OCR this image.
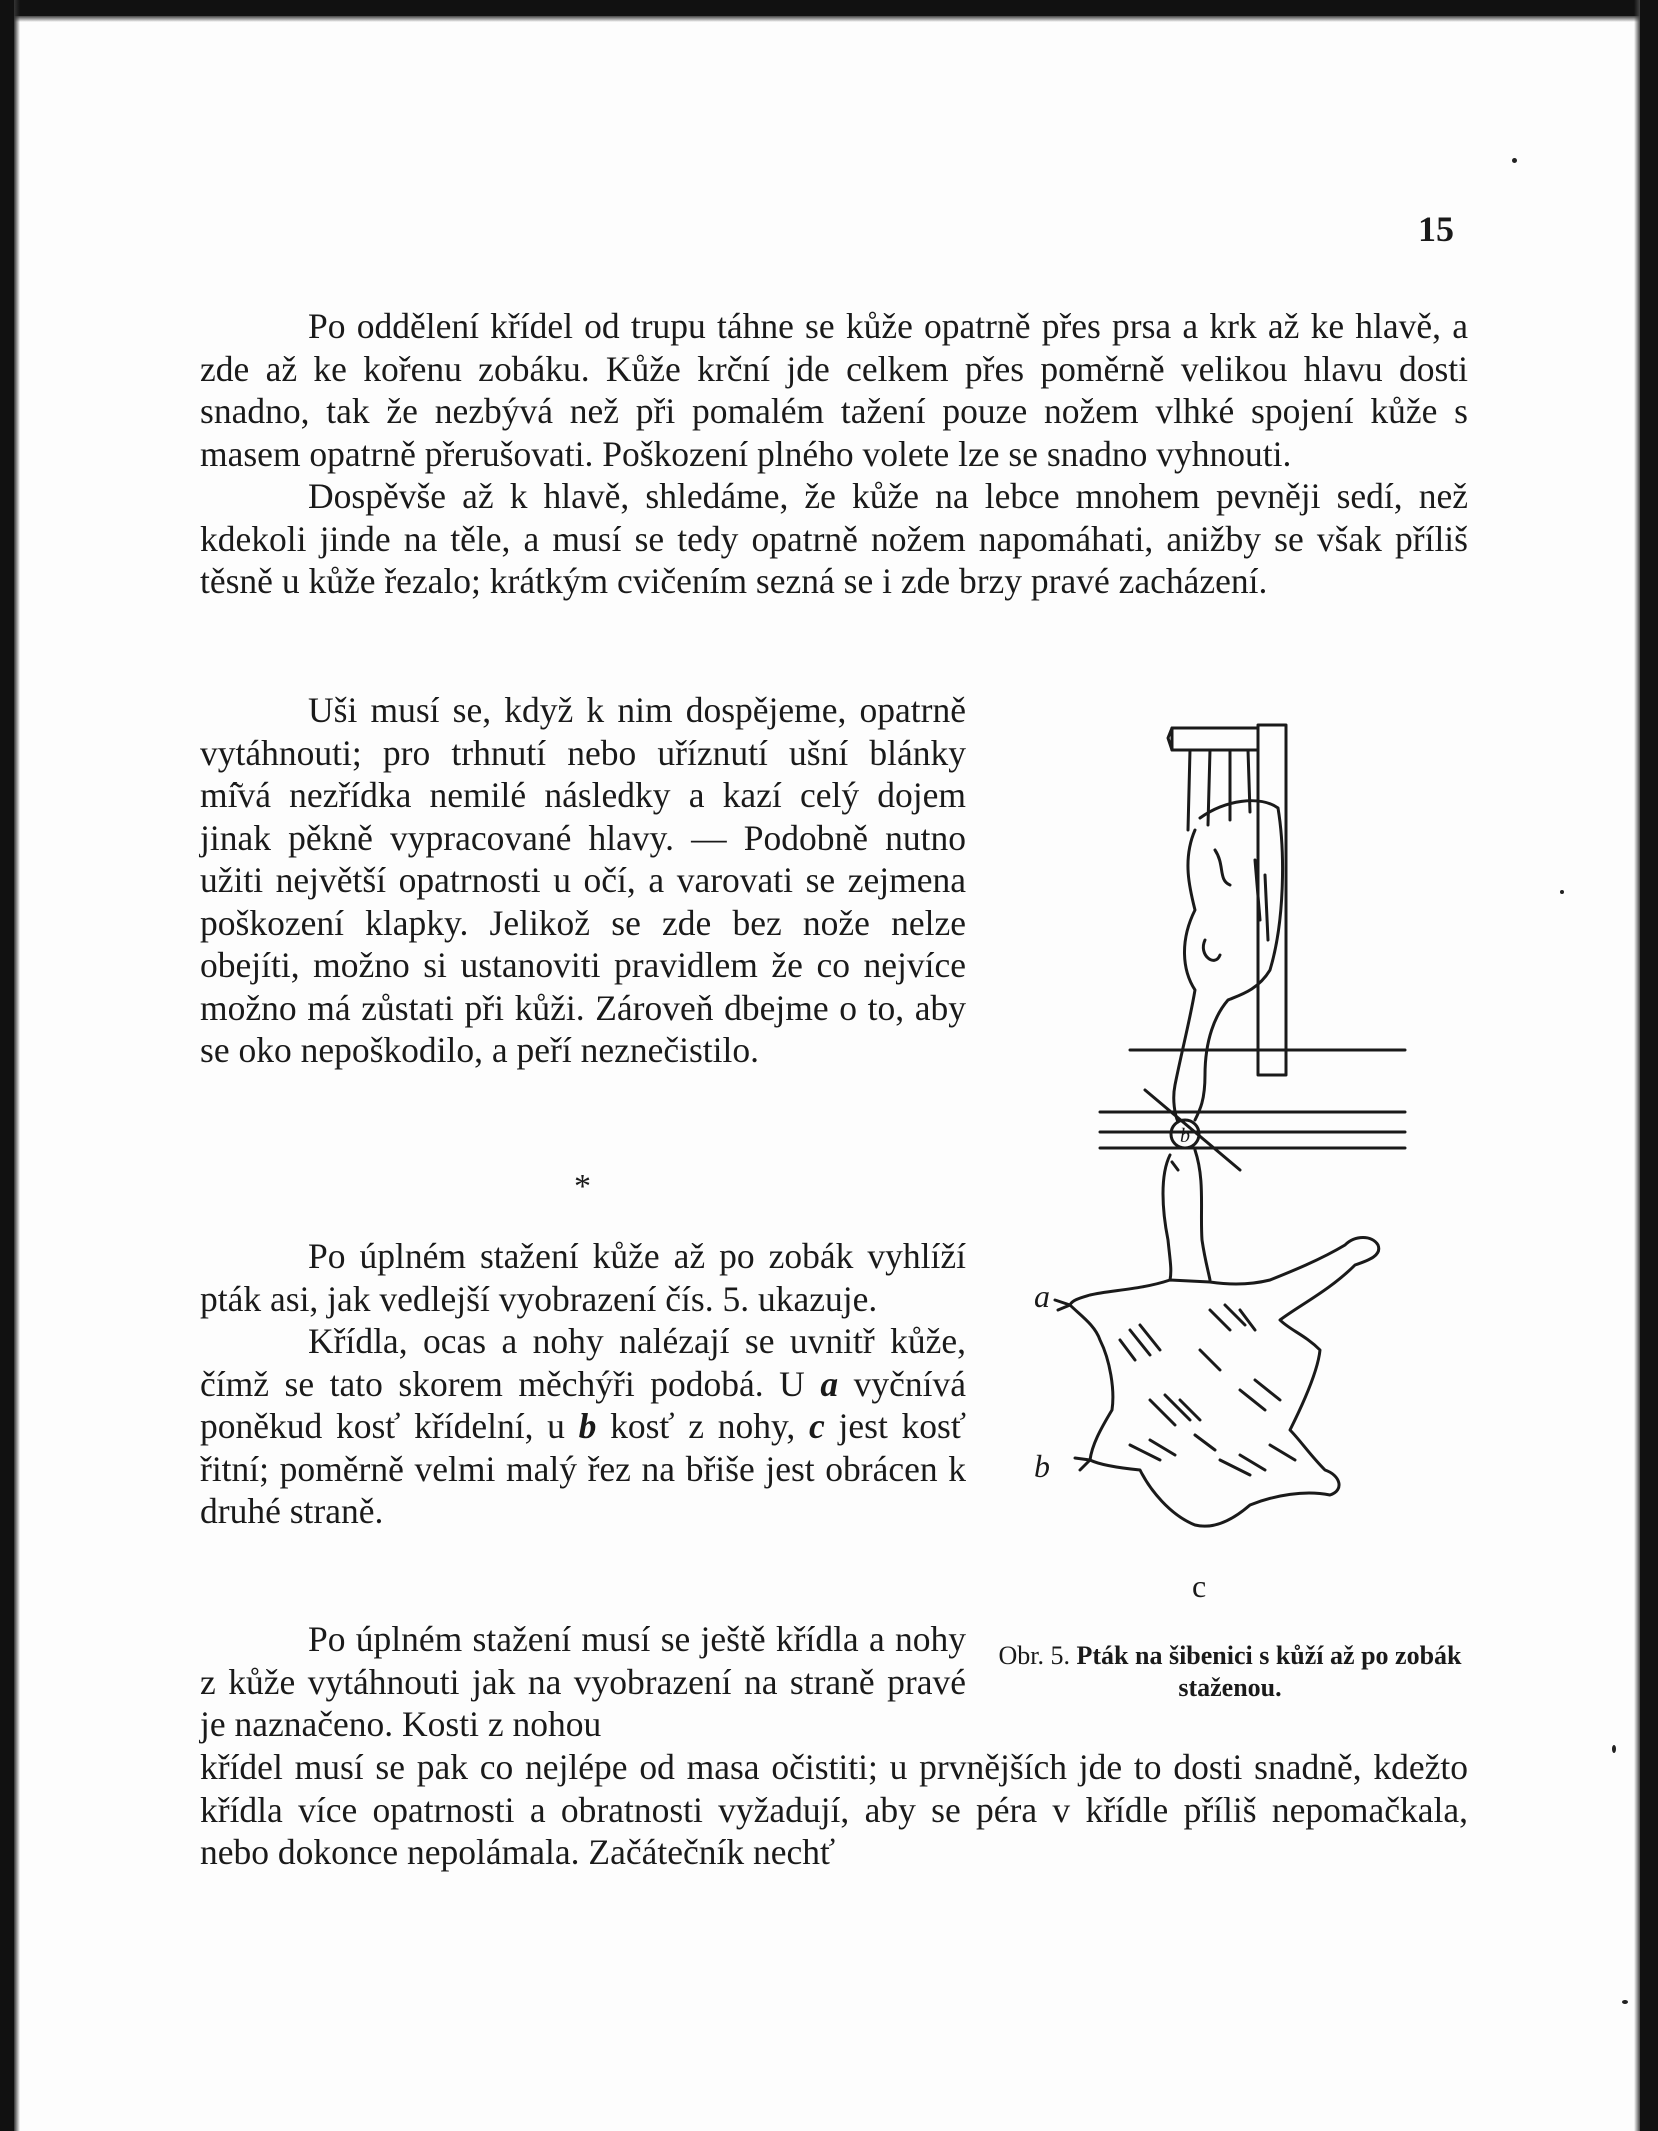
15

Po oddělení křídel od trupu táhne se kůže opatrně přes prsa a krk až ke hlavě, a zde až ke kořenu zobáku. Kůže krční jde celkem přes poměrně velikou hlavu dosti snadno, tak že nezbývá než při pomalém tažení pouze nožem vlhké spojení kůže s masem opatrně přerušovati. Poškození plného volete lze se snadno vyhnouti.

Dospěvše až k hlavě, shledáme, že kůže na lebce mnohem pevněji sedí, než kdekoli jinde na těle, a musí se tedy opatrně nožem napomáhati, anižby se však příliš těsně u kůže řezalo; krátkým cvičením sezná se i zde brzy pravé zacházení.

Uši musí se, když k nim dospějeme, opatrně vytáhnouti; pro trhnutí nebo uříznutí ušní blánky mí͂vá nezřídka nemilé následky a kazí celý dojem jinak pěkně vypracované hlavy. — Podobně nutno užiti největší opatrnosti u očí, a varovati se zejmena poškození klapky. Jelikož se zde bez nože nelze obejíti, možno si ustanoviti pravidlem že co nejvíce možno má zůstati při kůži. Zároveň dbejme o to, aby se oko nepoškodilo, a peří neznečistilo.

*

Po úplném stažení kůže až po zobák vyhlíží pták asi, jak vedlejší vyobrazení čís. 5. ukazuje.

Křídla, ocas a nohy nalézají se uvnitř kůže, čímž se tato skorem měchýři podobá. U a vyčnívá poněkud kosť křídelní, u b kosť z nohy, c jest kosť řitní; poměrně velmi malý řez na břiše jest obrácen k druhé straně.

Po úplném stažení musí se ještě křídla a nohy z kůže vytáhnouti jak na vyobrazení na straně pravé je naznačeno. Kosti z nohou

křídel musí se pak co nejlépe od masa očistiti; u prvnějších jde to dosti snadně, kdežto křídla více opatrnosti a obratnosti vyžadují, aby se péra v křídle příliš nepomačkala, nebo dokonce nepolámala. Začátečník nechť

b
a
b
c
Obr. 5. Pták na šibenici s kůží až po zobák staženou.
